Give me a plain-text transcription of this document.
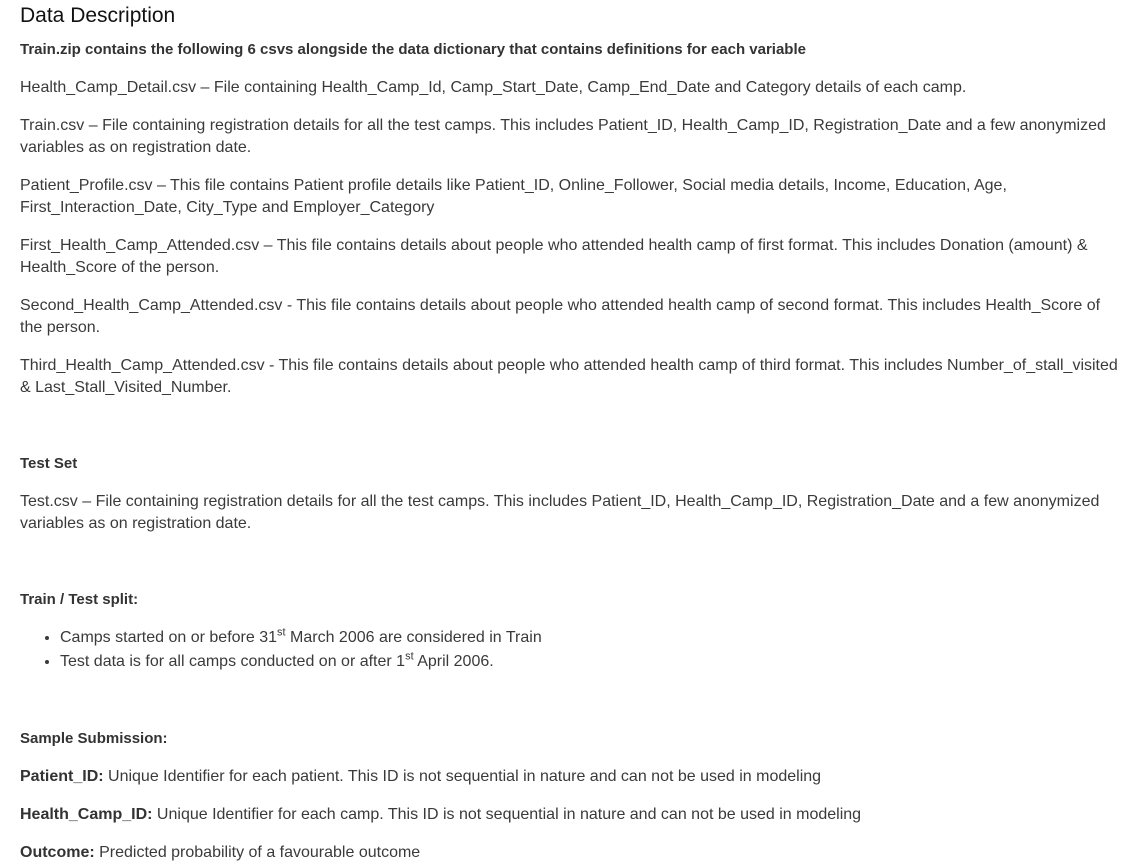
Data Description

Train.zip contains the following 6 csvs alongside the data dictionary that contains definitions for each variable

Health_Camp_Detail.csv – File containing Health_Camp_Id, Camp_Start_Date, Camp_End_Date and Category details of each camp.

Train.csv – File containing registration details for all the test camps. This includes Patient_ID, Health_Camp_ID, Registration_Date and a few anonymized variables as on registration date.

Patient_Profile.csv – This file contains Patient profile details like Patient_ID, Online_Follower, Social media details, Income, Education, Age, First_Interaction_Date, City_Type and Employer_Category

First_Health_Camp_Attended.csv – This file contains details about people who attended health camp of first format. This includes Donation (amount) & Health_Score of the person.

Second_Health_Camp_Attended.csv - This file contains details about people who attended health camp of second format. This includes Health_Score of the person.

Third_Health_Camp_Attended.csv - This file contains details about people who attended health camp of third format. This includes Number_of_stall_visited & Last_Stall_Visited_Number.

Test Set

Test.csv – File containing registration details for all the test camps. This includes Patient_ID, Health_Camp_ID, Registration_Date and a few anonymized variables as on registration date.

Train / Test split:

• Camps started on or before 31st March 2006 are considered in Train
• Test data is for all camps conducted on or after 1st April 2006.

Sample Submission:

Patient_ID: Unique Identifier for each patient. This ID is not sequential in nature and can not be used in modeling

Health_Camp_ID: Unique Identifier for each camp. This ID is not sequential in nature and can not be used in modeling

Outcome: Predicted probability of a favourable outcome
